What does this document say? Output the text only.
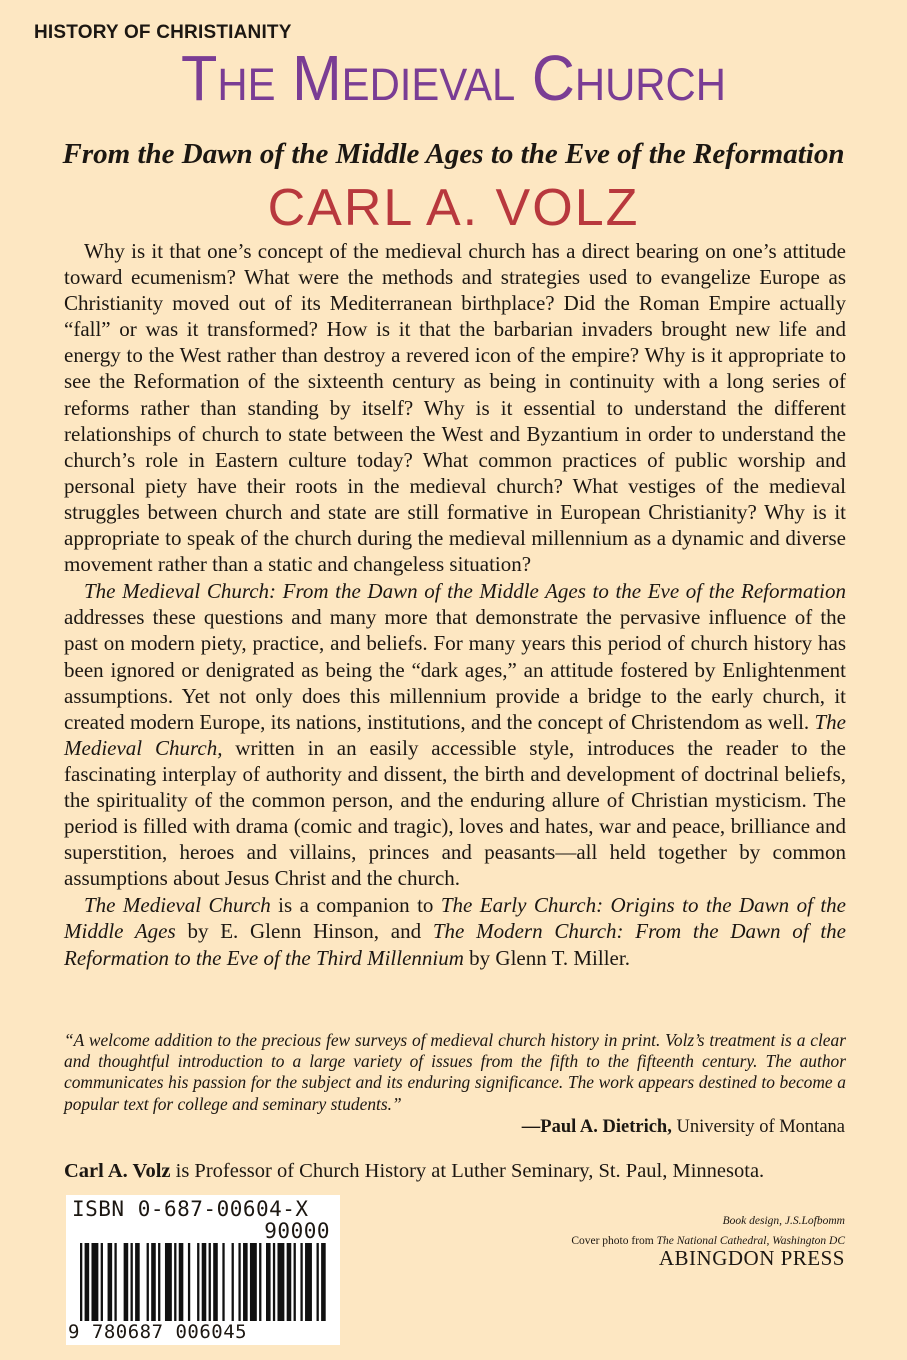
HISTORY OF CHRISTIANITY
The Medieval Church
From the Dawn of the Middle Ages to the Eve of the Reformation
CARL A. VOLZ

Why is it that one’s concept of the medieval church has a direct bearing on one’s attitude toward ecumenism? What were the methods and strategies used to evangelize Europe as Christianity moved out of its Mediterranean birthplace? Did the Roman Empire actually “fall” or was it transformed? How is it that the barbarian invaders brought new life and energy to the West rather than destroy a revered icon of the empire? Why is it appropriate to see the Reformation of the sixteenth century as being in continuity with a long series of reforms rather than standing by itself? Why is it essential to understand the different relationships of church to state between the West and Byzantium in order to understand the church’s role in Eastern culture today? What common practices of public worship and personal piety have their roots in the medieval church? What vestiges of the medieval struggles between church and state are still formative in European Christianity? Why is it appropriate to speak of the church during the medieval millennium as a dynamic and diverse movement rather than a static and changeless situation?

The Medieval Church: From the Dawn of the Middle Ages to the Eve of the Reformation addresses these questions and many more that demonstrate the pervasive influence of the past on modern piety, practice, and beliefs. For many years this period of church history has been ignored or denigrated as being the “dark ages,” an attitude fostered by Enlightenment assumptions. Yet not only does this millennium provide a bridge to the early church, it created modern Europe, its nations, institutions, and the concept of Christendom as well. The Medieval Church, written in an easily accessible style, introduces the reader to the fascinating interplay of authority and dissent, the birth and development of doctrinal beliefs, the spirituality of the common person, and the enduring allure of Christian mysticism. The period is filled with drama (comic and tragic), loves and hates, war and peace, brilliance and superstition, heroes and villains, princes and peasants—all held together by common assumptions about Jesus Christ and the church.

The Medieval Church is a companion to The Early Church: Origins to the Dawn of the Middle Ages by E. Glenn Hinson, and The Modern Church: From the Dawn of the Reformation to the Eve of the Third Millennium by Glenn T. Miller.

“A welcome addition to the precious few surveys of medieval church history in print. Volz’s treatment is a clear and thoughtful introduction to a large variety of issues from the fifth to the fifteenth century. The author communicates his passion for the subject and its enduring significance. The work appears destined to become a popular text for college and seminary students.”

—Paul A. Dietrich, University of Montana
Carl A. Volz is Professor of Church History at Luther Seminary, St. Paul, Minnesota.
ISBN 0-687-00604-X
90000
9 780687 006045
Book design, J.S.Lofbomm
Cover photo from The National Cathedral, Washington DC
ABINGDON PRESS
